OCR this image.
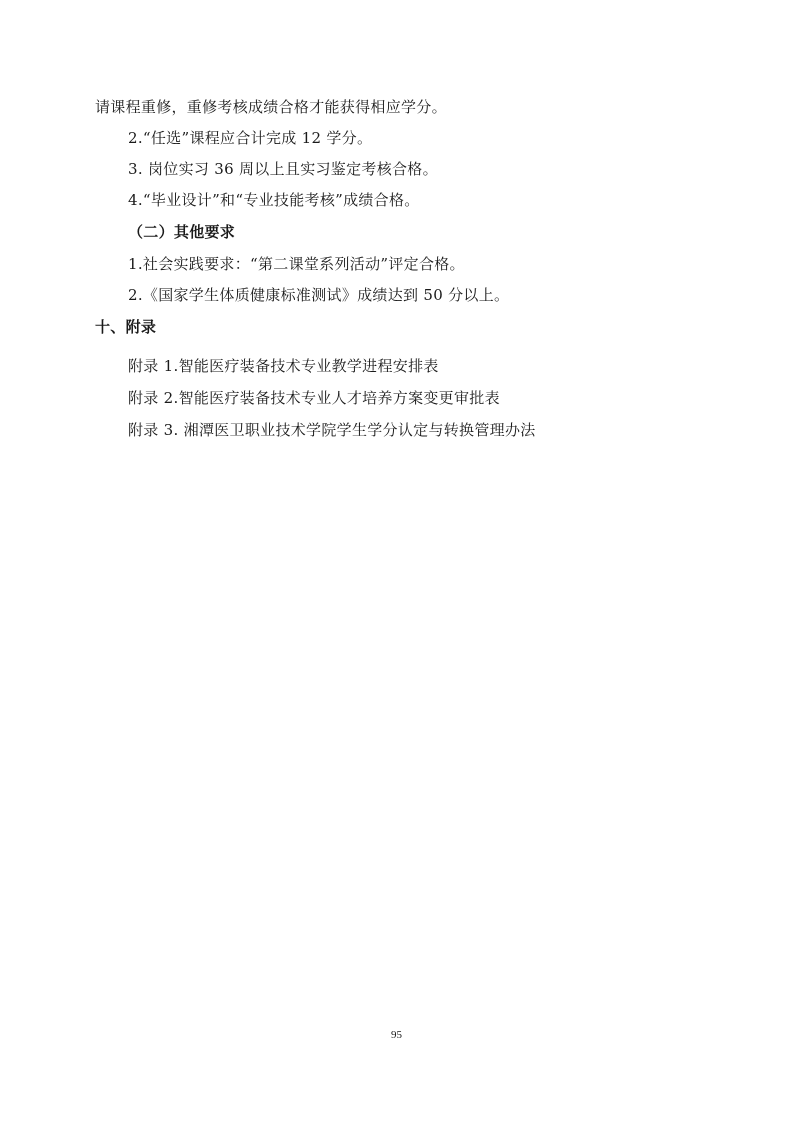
请课程重修，重修考核成绩合格才能获得相应学分。
2.“任选”课程应合计完成 12 学分。
3. 岗位实习 36 周以上且实习鉴定考核合格。
4.“毕业设计”和“专业技能考核”成绩合格。
（二）其他要求
1.社会实践要求：“第二课堂系列活动”评定合格。
2.《国家学生体质健康标准测试》成绩达到 50 分以上。
十、附录
附录 1.智能医疗装备技术专业教学进程安排表
附录 2.智能医疗装备技术专业人才培养方案变更审批表
附录 3. 湘潭医卫职业技术学院学生学分认定与转换管理办法
95
